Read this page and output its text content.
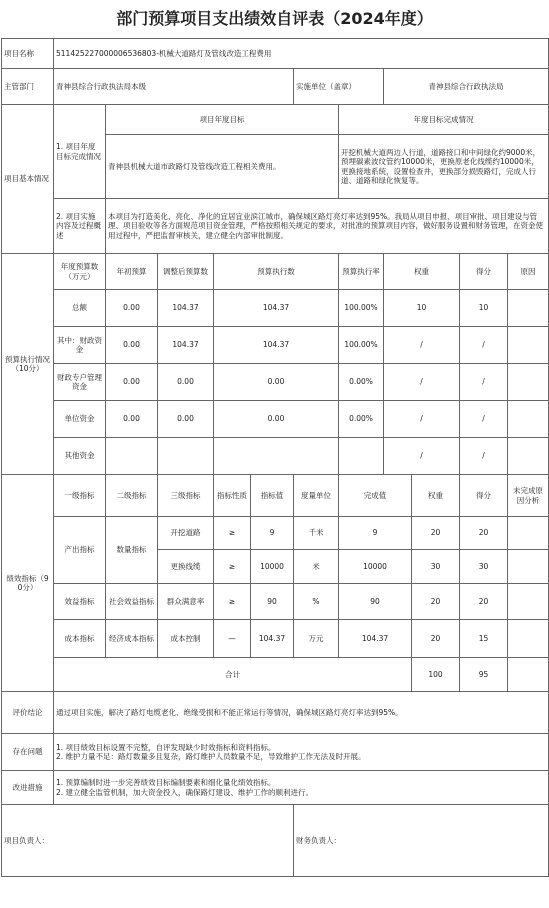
部门预算项目支出绩效自评表（2024年度）
项目名称	511425227000006536803-机械大道路灯及管线改造工程费用										
主管部门	青神县综合行政执法局本级					实施单位（盖章）		青神县综合行政执法局			
项目基本情况	1. 项目年度目标完成情况	项目年度目标					年度目标完成情况				
		青神县机械大道市政路灯及管线改造工程相关费用。					开挖机械大道两边人行道，道路接口和中间绿化约9000米，预埋碳素波纹管约10000米，更换原老化线缆约10000米，更换接地系统，设置检查井，更换部分损毁路灯，完成人行道、道路和绿化恢复等。				
	2. 项目实施内容及过程概述	本项目为打造美化、亮化、净化的宜居宜业滨江城市，确保城区路灯亮灯率达到95%。我局从项目申报、项目审批、项目建设与管理、项目验收等各方面规范项目资金管理，严格按照相关规定的要求，对批准的预算项目内容，做好服务设置和财务管理，在资金使用过程中，严把监督审核关，建立健全内部审批制度。									
预算执行情况（10分）	年度预算数（万元）	年初预算	调整后预算数	预算执行数			预算执行率	权重		得分	原因
	总额	0.00	104.37	104.37			100.00%	10		10	
	其中：财政资金	0.00	104.37	104.37			100.00%	/		/	
	财政专户管理资金	0.00	0.00	0.00			0.00%	/		/	
	单位资金	0.00	0.00	0.00			0.00%	/		/	
	其他资金							/		/	
绩效指标（90分）	一级指标	二级指标	三级指标	指标性质	指标值	度量单位	完成值		权重	得分	未完成原因分析
	产出指标	数量指标	开挖道路	≥	9	千米	9		20	20	
			更换线缆	≥	10000	米	10000		30	30	
	效益指标	社会效益指标	群众满意率	≥	90	%	90		20	20	
	成本指标	经济成本指标	成本控制	—	104.37	万元	104.37		20	15	
	合计								100	95	
评价结论	通过项目实施，解决了路灯电缆老化、绝缘受损和不能正常运行等情况，确保城区路灯亮灯率达到95%。										
存在问题	1. 项目绩效目标设置不完整，自评发现缺少时效指标和资料指标。
2. 维护力量不足：路灯数量多且复杂，路灯维护人员数量不足，导致维护工作无法及时开展。										

改进措施	1. 预算编制时进一步完善绩效目标编制要素和细化量化绩效指标。
2. 建立健全监管机制，加大资金投入，确保路灯建设、维护工作的顺利进行。										

项目负责人：						财务负责人：					
